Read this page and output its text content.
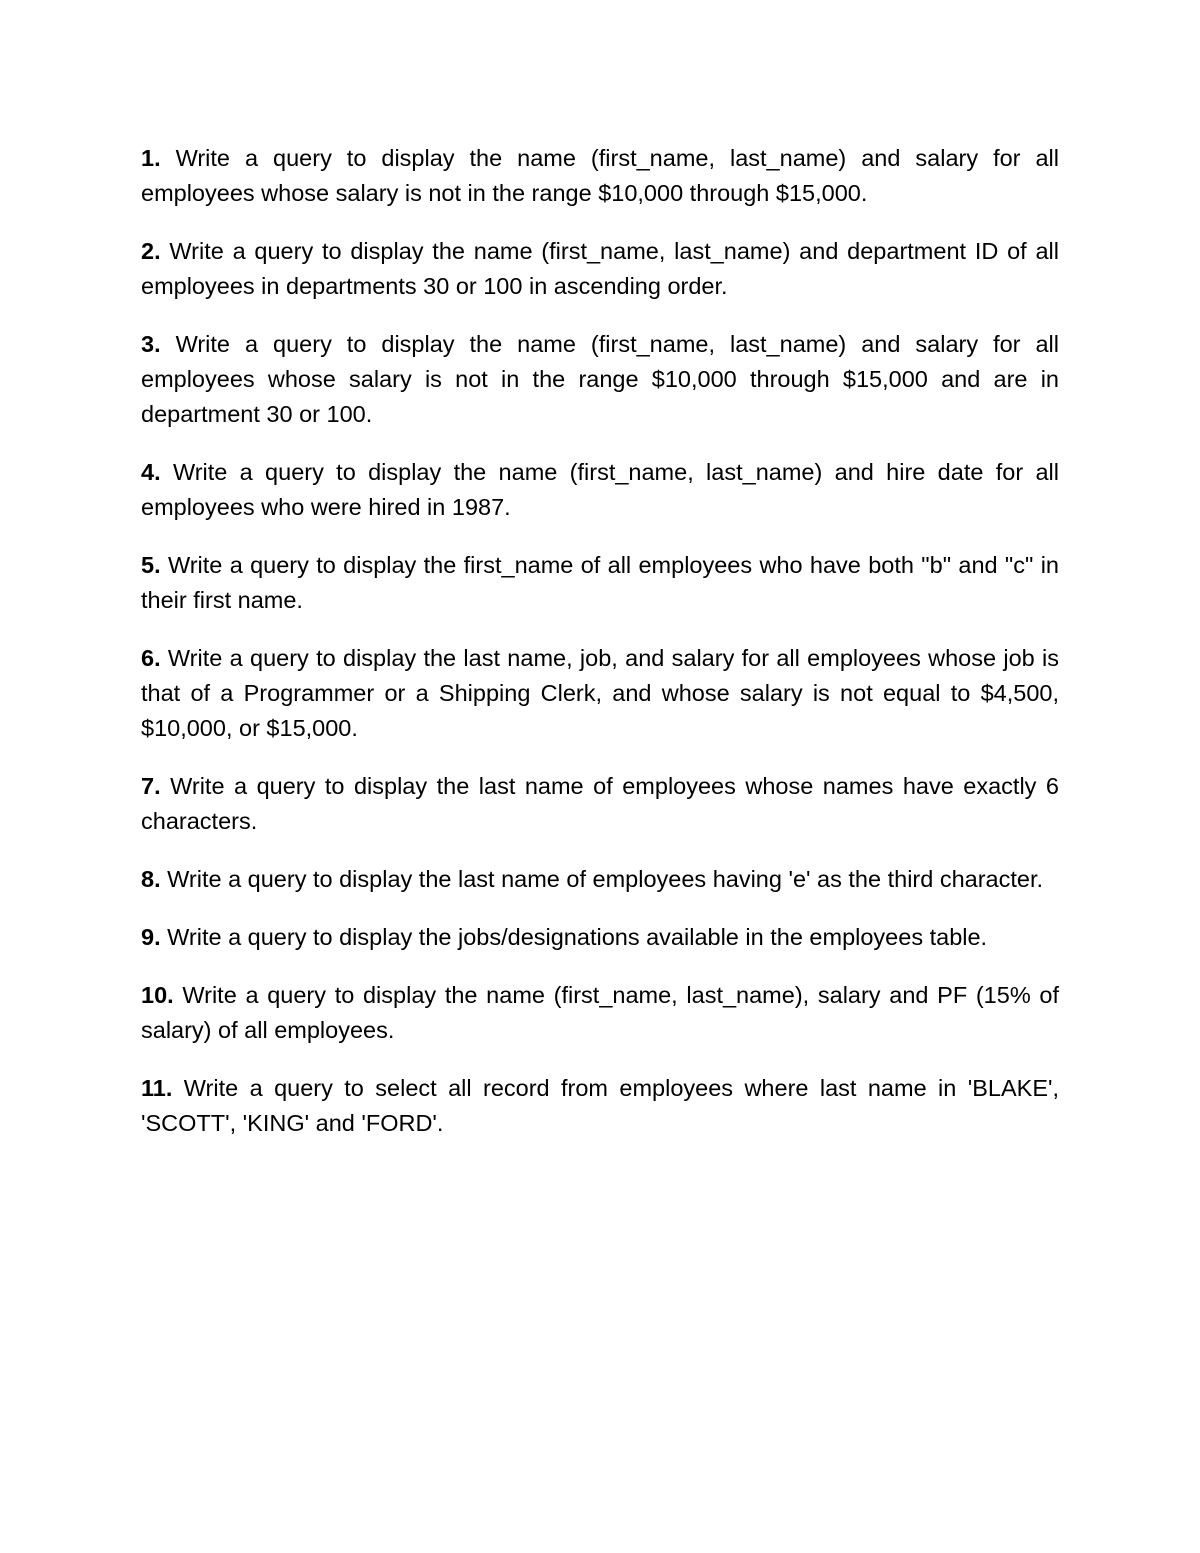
1. Write a query to display the name (first_name, last_name) and salary for all employees whose salary is not in the range $10,000 through $15,000.

2. Write a query to display the name (first_name, last_name) and department ID of all employees in departments 30 or 100 in ascending order.

3. Write a query to display the name (first_name, last_name) and salary for all employees whose salary is not in the range $10,000 through $15,000 and are in department 30 or 100.

4. Write a query to display the name (first_name, last_name) and hire date for all employees who were hired in 1987.

5. Write a query to display the first_name of all employees who have both "b" and "c" in their first name.

6. Write a query to display the last name, job, and salary for all employees whose job is that of a Programmer or a Shipping Clerk, and whose salary is not equal to $4,500, $10,000, or $15,000.

7. Write a query to display the last name of employees whose names have exactly 6 characters.

8. Write a query to display the last name of employees having 'e' as the third character.

9. Write a query to display the jobs/designations available in the employees table.

10. Write a query to display the name (first_name, last_name), salary and PF (15% of salary) of all employees.

11. Write a query to select all record from employees where last name in 'BLAKE', 'SCOTT', 'KING' and 'FORD'.
